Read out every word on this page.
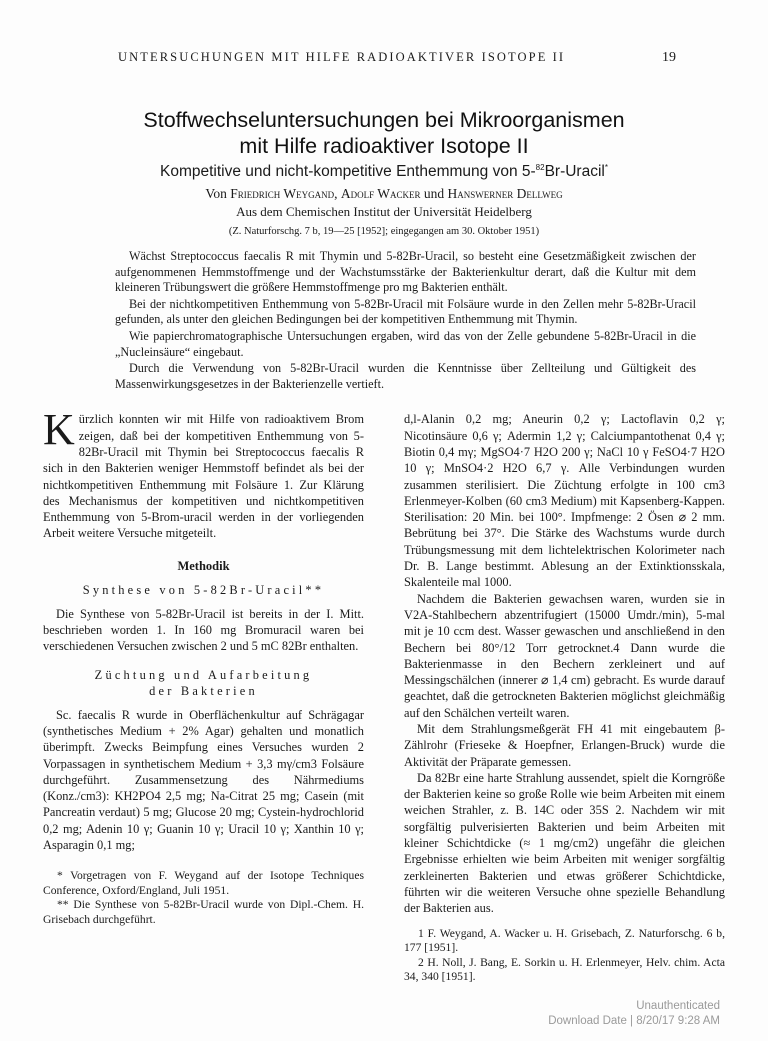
UNTERSUCHUNGEN MIT HILFE RADIOAKTIVER ISOTOPE II	19
Stoffwechseluntersuchungen bei Mikroorganismen
mit Hilfe radioaktiver Isotope II
Kompetitive und nicht-kompetitive Enthemmung von 5-$^{82}$Br-Uracil*
Von Friedrich Weygand, Adolf Wacker und Hanswerner Dellweg
Aus dem Chemischen Institut der Universität Heidelberg
(Z. Naturforschg. 7 b, 19—25 [1952]; eingegangen am 30. Oktober 1951)

Wächst Streptococcus faecalis R mit Thymin und 5-82Br-Uracil, so besteht eine Gesetzmäßigkeit zwischen der aufgenommenen Hemmstoffmenge und der Wachstumsstärke der Bakterienkultur derart, daß die Kultur mit dem kleineren Trübungswert die größere Hemmstoffmenge pro mg Bakterien enthält.

Bei der nichtkompetitiven Enthemmung von 5-82Br-Uracil mit Folsäure wurde in den Zellen mehr 5-82Br-Uracil gefunden, als unter den gleichen Bedingungen bei der kompetitiven Enthemmung mit Thymin.

Wie papierchromatographische Untersuchungen ergaben, wird das von der Zelle gebundene 5-82Br-Uracil in die „Nucleinsäure“ eingebaut.

Durch die Verwendung von 5-82Br-Uracil wurden die Kenntnisse über Zellteilung und Gültigkeit des Massenwirkungsgesetzes in der Bakterienzelle vertieft.

Kürzlich konnten wir mit Hilfe von radioaktivem Brom zeigen, daß bei der kompetitiven Enthemmung von 5-82Br-Uracil mit Thymin bei Streptococcus faecalis R sich in den Bakterien weniger Hemmstoff befindet als bei der nichtkompetitiven Enthemmung mit Folsäure 1. Zur Klärung des Mechanismus der kompetitiven und nichtkompetitiven Enthemmung von 5-Brom-uracil werden in der vorliegenden Arbeit weitere Versuche mitgeteilt.

Methodik
Synthese von 5-82Br-Uracil**

Die Synthese von 5-82Br-Uracil ist bereits in der I. Mitt. beschrieben worden 1. In 160 mg Bromuracil waren bei verschiedenen Versuchen zwischen 2 und 5 mC 82Br enthalten.

Züchtung und Aufarbeitung
der Bakterien

Sc. faecalis R wurde in Oberflächenkultur auf Schrägagar (synthetisches Medium + 2% Agar) gehalten und monatlich überimpft. Zwecks Beimpfung eines Versuches wurden 2 Vorpassagen in synthetischem Medium + 3,3 mγ/cm3 Folsäure durchgeführt. Zusammensetzung des Nährmediums (Konz./cm3): KH2PO4 2,5 mg; Na-Citrat 25 mg; Casein (mit Pancreatin verdaut) 5 mg; Glucose 20 mg; Cystein-hydrochlorid 0,2 mg; Adenin 10 γ; Guanin 10 γ; Uracil 10 γ; Xanthin 10 γ; Asparagin 0,1 mg;

* Vorgetragen von F. Weygand auf der Isotope Techniques Conference, Oxford/England, Juli 1951.

** Die Synthese von 5-82Br-Uracil wurde von Dipl.-Chem. H. Grisebach durchgeführt.

d,l-Alanin 0,2 mg; Aneurin 0,2 γ; Lactoflavin 0,2 γ; Nicotinsäure 0,6 γ; Adermin 1,2 γ; Calciumpantothenat 0,4 γ; Biotin 0,4 mγ; MgSO4·7 H2O 200 γ; NaCl 10 γ FeSO4·7 H2O 10 γ; MnSO4·2 H2O 6,7 γ. Alle Verbindungen wurden zusammen sterilisiert. Die Züchtung erfolgte in 100 cm3 Erlenmeyer-Kolben (60 cm3 Medium) mit Kapsenberg-Kappen. Sterilisation: 20 Min. bei 100°. Impfmenge: 2 Ösen ⌀ 2 mm. Bebrütung bei 37°. Die Stärke des Wachstums wurde durch Trübungsmessung mit dem lichtelektrischen Kolorimeter nach Dr. B. Lange bestimmt. Ablesung an der Extinktionsskala, Skalenteile mal 1000.

Nachdem die Bakterien gewachsen waren, wurden sie in V2A-Stahlbechern abzentrifugiert (15000 Umdr./min), 5-mal mit je 10 ccm dest. Wasser gewaschen und anschließend in den Bechern bei 80°/12 Torr getrocknet.4 Dann wurde die Bakterienmasse in den Bechern zerkleinert und auf Messingschälchen (innerer ⌀ 1,4 cm) gebracht. Es wurde darauf geachtet, daß die getrockneten Bakterien möglichst gleichmäßig auf den Schälchen verteilt waren.

Mit dem Strahlungsmeßgerät FH 41 mit eingebautem β-Zählrohr (Frieseke & Hoepfner, Erlangen-Bruck) wurde die Aktivität der Präparate gemessen.

Da 82Br eine harte Strahlung aussendet, spielt die Korngröße der Bakterien keine so große Rolle wie beim Arbeiten mit einem weichen Strahler, z. B. 14C oder 35S 2. Nachdem wir mit sorgfältig pulverisierten Bakterien und beim Arbeiten mit kleiner Schichtdicke (≈ 1 mg/cm2) ungefähr die gleichen Ergebnisse erhielten wie beim Arbeiten mit weniger sorgfältig zerkleinerten Bakterien und etwas größerer Schichtdicke, führten wir die weiteren Versuche ohne spezielle Behandlung der Bakterien aus.

1 F. Weygand, A. Wacker u. H. Grisebach, Z. Naturforschg. 6 b, 177 [1951].

2 H. Noll, J. Bang, E. Sorkin u. H. Erlenmeyer, Helv. chim. Acta 34, 340 [1951].

Unauthenticated
Download Date | 8/20/17 9:28 AM
